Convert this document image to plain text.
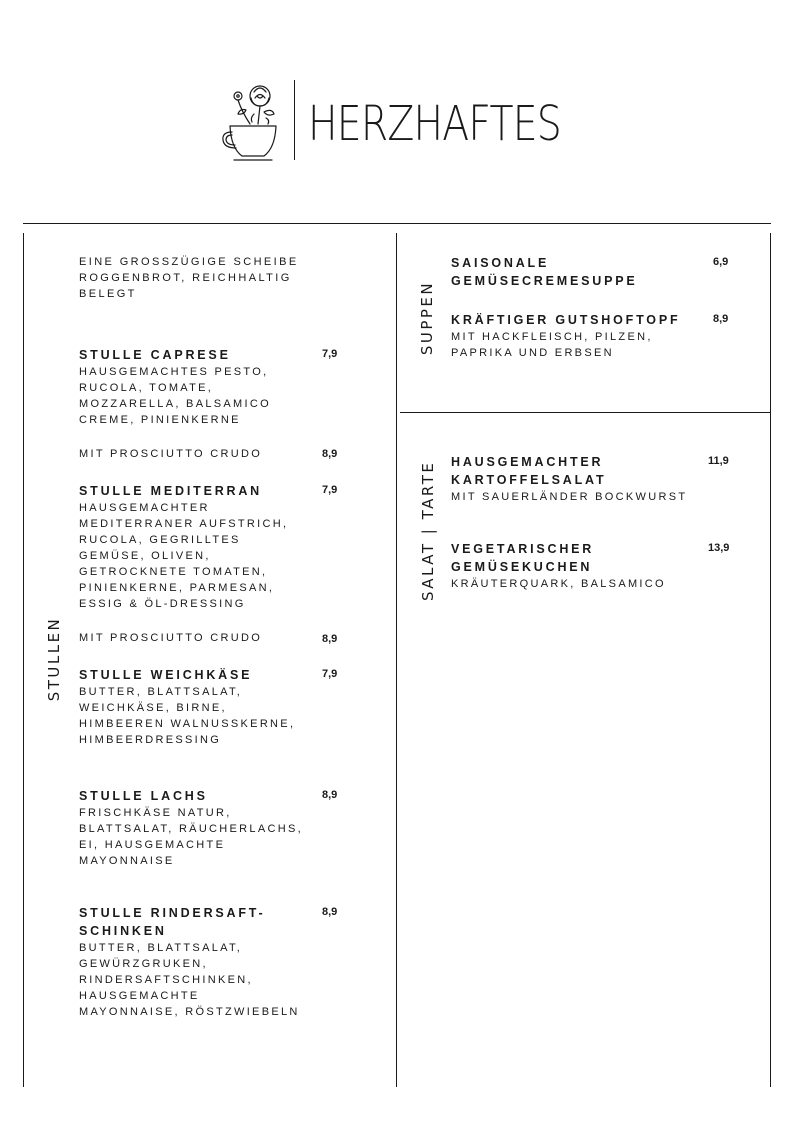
HERZHAFTES
STULLEN
EINE GROSSZÜGIGE SCHEIBE ROGGENBROT, REICHHALTIG BELEGT
STULLE CAPRESE
HAUSGEMACHTES PESTO, RUCOLA, TOMATE, MOZZARELLA, BALSAMICO CREME, PINIENKERNE
7,9
MIT PROSCIUTTO CRUDO	8,9
STULLE MEDITERRAN
HAUSGEMACHTER MEDITERRANER AUFSTRICH, RUCOLA, GEGRILLTES GEMÜSE, OLIVEN, GETROCKNETE TOMATEN, PINIENKERNE, PARMESAN, ESSIG & ÖL-DRESSING
7,9
MIT PROSCIUTTO CRUDO	8,9
STULLE WEICHKÄSE
BUTTER, BLATTSALAT, WEICHKÄSE, BIRNE, HIMBEEREN WALNUSSKERNE, HIMBEERDRESSING
7,9
STULLE LACHS
FRISCHKÄSE NATUR, BLATTSALAT, RÄUCHERLACHS, EI, HAUSGEMACHTE MAYONNAISE
8,9
STULLE RINDERSAFT-SCHINKEN
BUTTER, BLATTSALAT, GEWÜRZGRUKEN, RINDERSAFTSCHINKEN, HAUSGEMACHTE MAYONNAISE, RÖSTZWIEBELN
8,9
SUPPEN
SAISONALE GEMÜSECREMESUPPE
6,9
KRÄFTIGER GUTSHOFTOPF
MIT HACKFLEISCH, PILZEN, PAPRIKA UND ERBSEN
8,9
SALAT | TARTE HAUSGEMACHTER KARTOFFELSALAT
MIT SAUERLÄNDER BOCKWURST
11,9
VEGETARISCHER GEMÜSEKUCHEN
KRÄUTERQUARK, BALSAMICO
13,9
